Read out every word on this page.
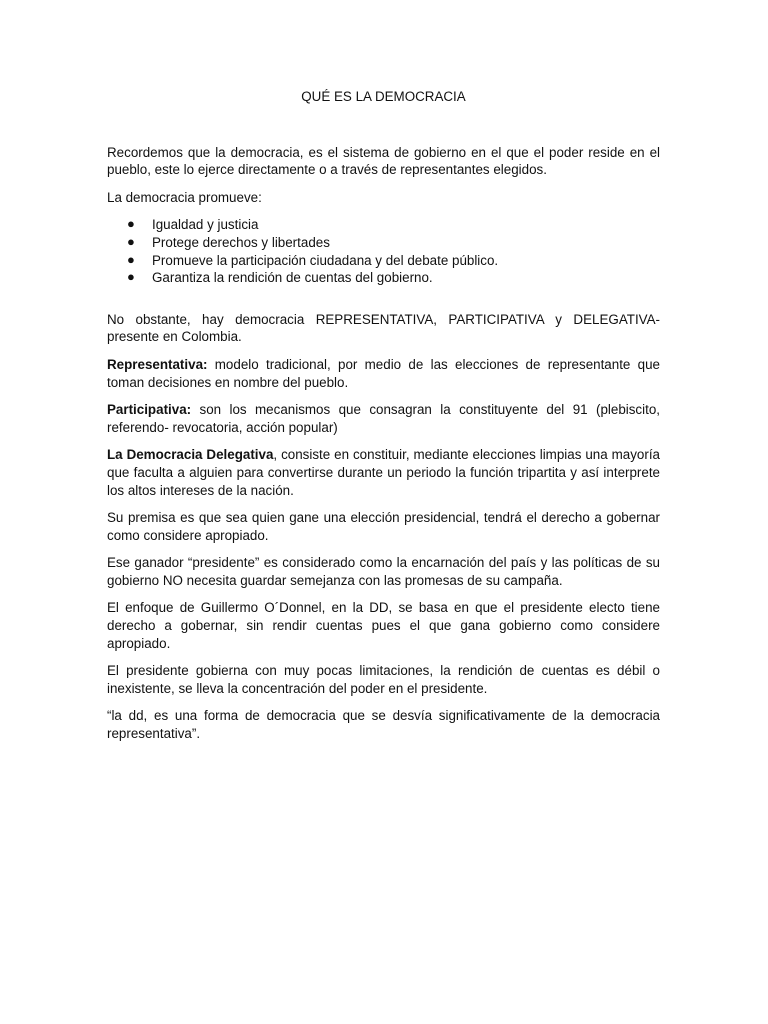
QUÉ ES LA DEMOCRACIA

Recordemos que la democracia, es el sistema de gobierno en el que el poder reside en el pueblo, este lo ejerce directamente o a través de representantes elegidos.

La democracia promueve:

● Igualdad y justicia
● Protege derechos y libertades
● Promueve la participación ciudadana y del debate público.
● Garantiza la rendición de cuentas del gobierno.

No obstante, hay democracia REPRESENTATIVA, PARTICIPATIVA y DELEGATIVA- presente en Colombia.

Representativa: modelo tradicional, por medio de las elecciones de representante que toman decisiones en nombre del pueblo.

Participativa: son los mecanismos que consagran la constituyente del 91 (plebiscito, referendo- revocatoria, acción popular)

La Democracia Delegativa, consiste en constituir, mediante elecciones limpias una mayoría que faculta a alguien para convertirse durante un periodo la función tripartita y así interprete los altos intereses de la nación.

Su premisa es que sea quien gane una elección presidencial, tendrá el derecho a gobernar como considere apropiado.

Ese ganador “presidente” es considerado como la encarnación del país y las políticas de su gobierno NO necesita guardar semejanza con las promesas de su campaña.

El enfoque de Guillermo O´Donnel, en la DD, se basa en que el presidente electo tiene derecho a gobernar, sin rendir cuentas pues el que gana gobierno como considere apropiado.

El presidente gobierna con muy pocas limitaciones, la rendición de cuentas es débil o inexistente, se lleva la concentración del poder en el presidente.

“la dd, es una forma de democracia que se desvía significativamente de la democracia representativa”.
